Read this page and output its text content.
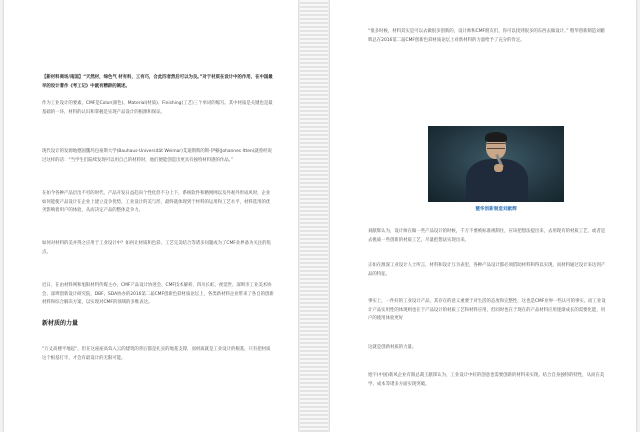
【新材料商场/南国】“天然材，绿色气 材有料，工有巧，合此四者然后可以为良。”对于材质在设计中的作用，在中国最早的设计著作《考工记》中就有精辟的阐述。

作为工业设计的要素，CMF是Color(颜色)、Material(材质)、Finishing(工艺)三个单词的缩写。其中材质是关键也是最基础的一环，材料的认识和掌握是实现产品设计的根源和保证。

现代设计的发源地德国魏玛包豪斯大学(Bauhaus-Universität Weimar)艾迪斯辉的斯·伊顿(Johannes Itten)就曾经说过这样的话：“当学生们陆续发现可以用自己的材料时，他们便能创造出更具有独特材料感的作品。”

在如今各种产品层出不穷的时代，产品开发日益趋向个性化但不分上下，系统软件和精网网以及外观外形成风时，企业如何能使产品设计在企业上建立竞争优势，工业设计的美与形，最终就体现到于材料的运用和工艺水平，材料选用的优劣影响着用户的体验，从而决定产品的整体竞争力。

如何对材料的美并得之应用于工业设计中？如何让材质和色彩、工艺完美结合等诸多问题成为了CMF业界备为关注的焦点。

近日，在由材料网和旭阳材料传媒主办，CMF产品设计协进会、CMF技术解析、四川长虹、视觉世、深圳市工业美术协会、深圳创新设计研究院、DBF、SDA协办的2016第二届CMF创新色彩材质论坛上，各类新材料企业带来了各自的创新材料和综合解决方案，以实现对CMF的领域的多维表达。

新材质的力量

“万丈高楼平地起”，但在这座座高耸入云的建筑的背后都是扎实的地基支撑，而材质就是工业设计的根基，只有把材质这个根基打牢，才会有最设计的无限可能。

“很多时候，材料其实是可以去做很多创新的，设计师和CMF朋友们，你可以找到很多的东西去做设计。” 暨华创新制造刘献辉总在2016第二届CMF创新色彩材质论坛上对新材料的力量给予了充分的肯定。

暨华创新制造刘献辉

刘献辉认为，设计师在做一些产品设计的时候，千万不要被标准规制住，应该把想法提出来，去用现有的材质工艺，或者是去挑战一些创新的材质工艺，尽量把想法实现出来。

正如在源深工业设计人士所言，材料和设计互为表里，各种产品设计都必须借助材料和得以实现，而材料通过设计来达到产品的特征。

事实上，一件好的工业设计产品，其存在的意义重要于对生活的态度和完整性，这也是CMF业界一些认可的事实。而工业设计产品实用性的体现则也在于产品设计的材质工艺和材料应用，但同时也在于现在的产品材料应用逐渐成长的需要化能，用户的使用体验更好

这就是创新材质的力量。

旭宇(中国)新风企业有限总裁王献锋认为，工业设计中好的创意也需要创新的材料来实现。结合自身独特的特性，从而在美学、成本等诸多方面实现突破。
